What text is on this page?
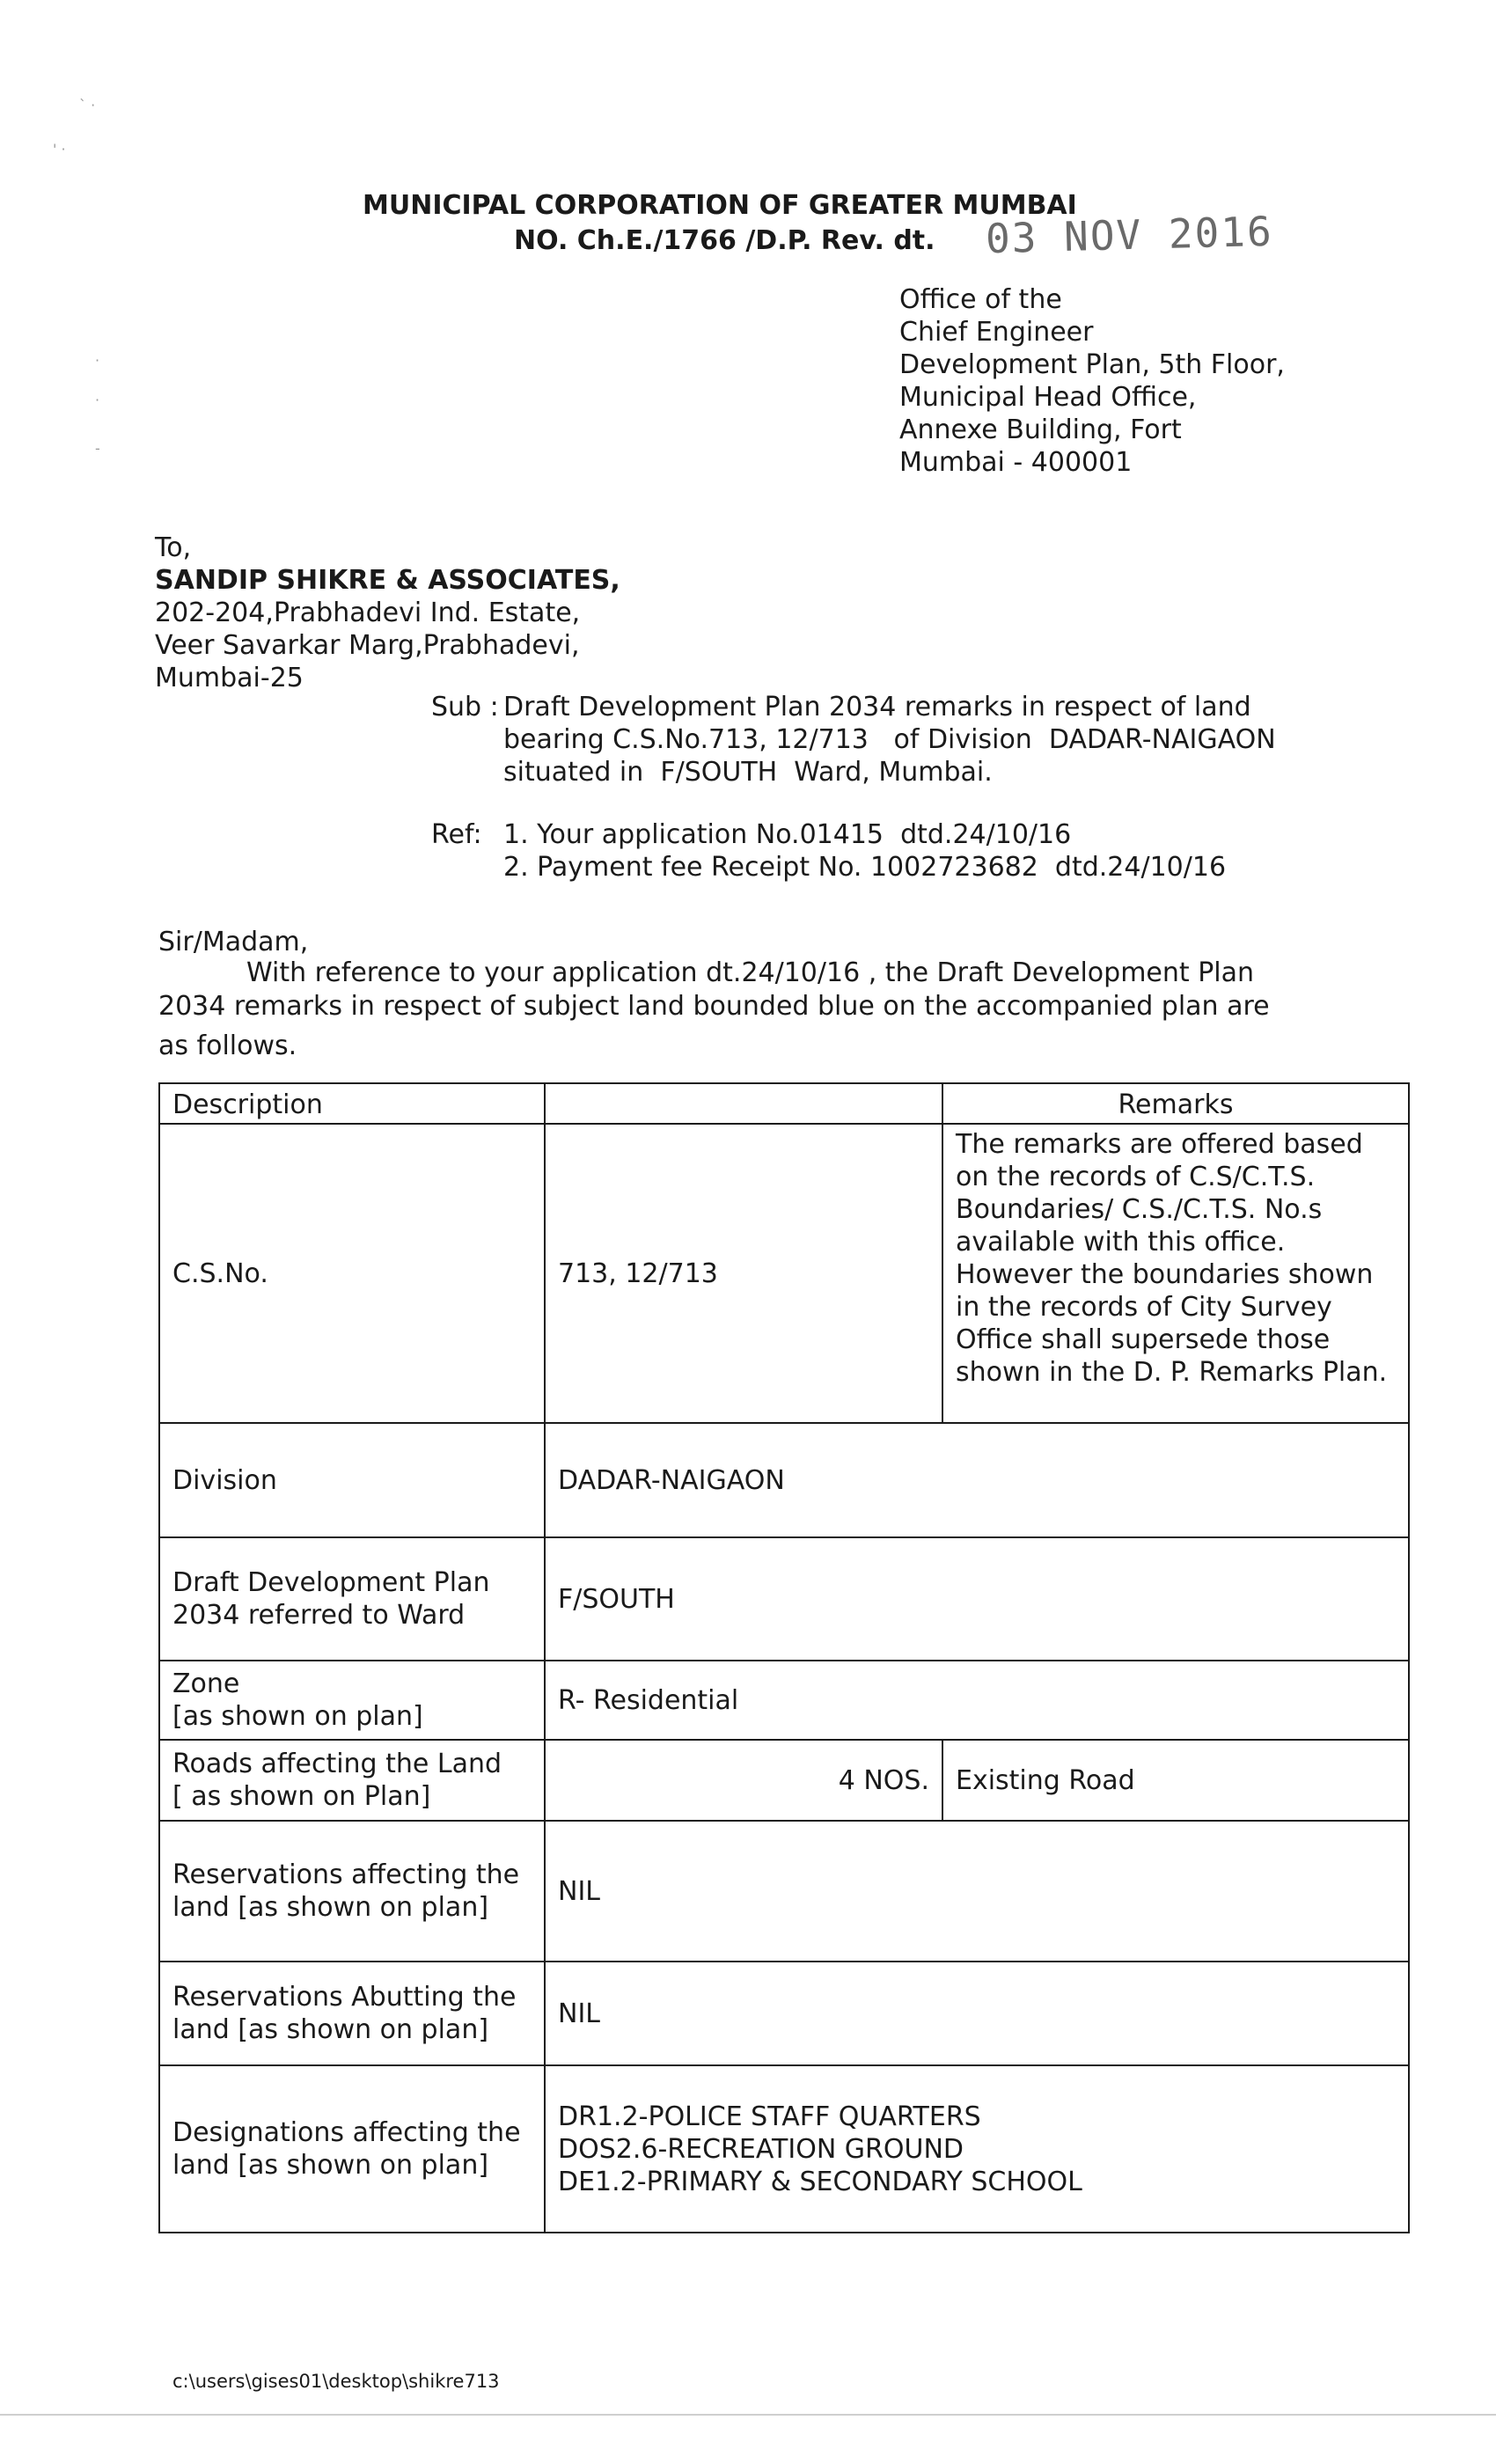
` ·
' ·
·
·
-
MUNICIPAL CORPORATION OF GREATER MUMBAI
NO. Ch.E./1766 /D.P. Rev. dt. 03 NOV 2016
Office of the
Chief Engineer
Development Plan, 5th Floor,
Municipal Head Office,
Annexe Building, Fort
Mumbai - 400001
To,
SANDIP SHIKRE & ASSOCIATES,
202-204,Prabhadevi Ind. Estate,
Veer Savarkar Marg,Prabhadevi,
Mumbai-25
Sub : Draft Development Plan 2034 remarks in respect of land
bearing C.S.No.713, 12/713   of Division  DADAR-NAIGAON
situated in  F/SOUTH  Ward, Mumbai.
Ref: 1. Your application No.01415  dtd.24/10/16
2. Payment fee Receipt No. 1002723682  dtd.24/10/16
Sir/Madam,
With reference to your application dt.24/10/16 , the Draft Development Plan
2034 remarks in respect of subject land bounded blue on the accompanied plan are
as follows.
Description		Remarks
C.S.No.	713, 12/713	The remarks are offered based on the records of C.S/C.T.S. Boundaries/ C.S./C.T.S. No.s available with this office. However the boundaries shown in the records of City Survey Office shall supersede those shown in the D. P. Remarks Plan.
Division	DADAR-NAIGAON	

Draft Development Plan
2034 referred to Ward	F/SOUTH	

Zone
[as shown on plan]	R- Residential	

Roads affecting the Land
[ as shown on Plan]	4 NOS.	Existing Road

Reservations affecting the
land [as shown on plan]	NIL	

Reservations Abutting the
land [as shown on plan]	NIL	

Designations affecting the
land [as shown on plan]	DR1.2-POLICE STAFF QUARTERS
DOS2.6-RECREATION GROUND
DE1.2-PRIMARY & SECONDARY SCHOOL	
c:\users\gises01\desktop\shikre713
